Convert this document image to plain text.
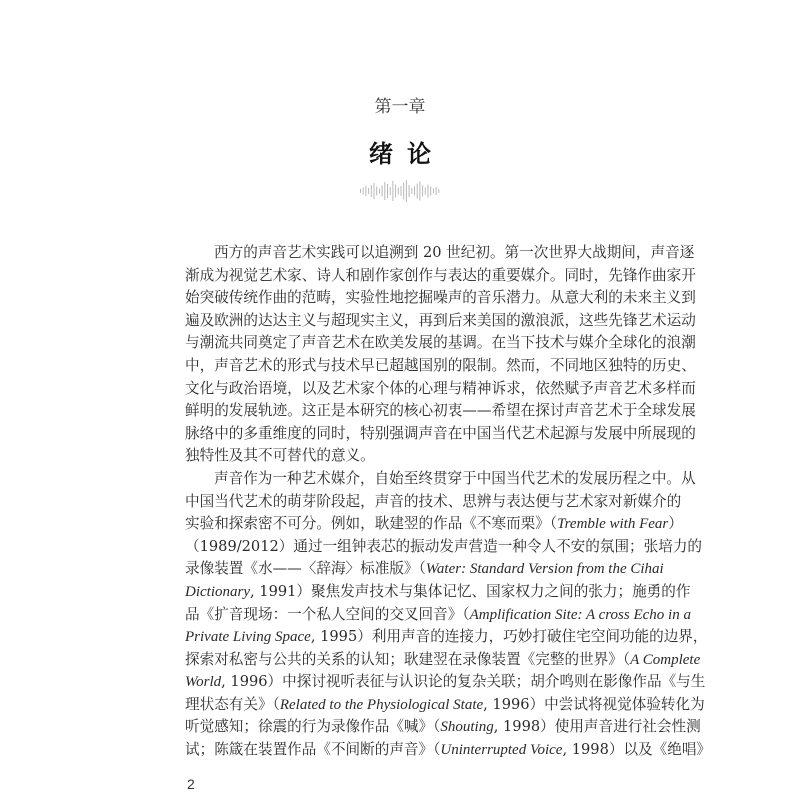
第一章
绪论
西方的声音艺术实践可以追溯到 20 世纪初。第一次世界大战期间，声音逐
渐成为视觉艺术家、诗人和剧作家创作与表达的重要媒介。同时，先锋作曲家开
始突破传统作曲的范畴，实验性地挖掘噪声的音乐潜力。从意大利的未来主义到
遍及欧洲的达达主义与超现实主义，再到后来美国的激浪派，这些先锋艺术运动
与潮流共同奠定了声音艺术在欧美发展的基调。在当下技术与媒介全球化的浪潮
中，声音艺术的形式与技术早已超越国别的限制。然而，不同地区独特的历史、
文化与政治语境，以及艺术家个体的心理与精神诉求，依然赋予声音艺术多样而
鲜明的发展轨迹。这正是本研究的核心初衷——希望在探讨声音艺术于全球发展
脉络中的多重维度的同时，特别强调声音在中国当代艺术起源与发展中所展现的
独特性及其不可替代的意义。
声音作为一种艺术媒介，自始至终贯穿于中国当代艺术的发展历程之中。从
中国当代艺术的萌芽阶段起，声音的技术、思辨与表达便与艺术家对新媒介的
实验和探索密不可分。例如，耿建翌的作品《不寒而栗》（Tremble with Fear）
（1989/2012）通过一组钟表芯的振动发声营造一种令人不安的氛围；张培力的
录像装置《水——〈辞海〉标准版》（Water: Standard Version from the Cihai
Dictionary, 1991）聚焦发声技术与集体记忆、国家权力之间的张力；施勇的作
品《扩音现场：一个私人空间的交叉回音》（Amplification Site: A cross Echo in a
Private Living Space, 1995）利用声音的连接力，巧妙打破住宅空间功能的边界，
探索对私密与公共的关系的认知；耿建翌在录像装置《完整的世界》（A Complete
World, 1996）中探讨视听表征与认识论的复杂关联；胡介鸣则在影像作品《与生
理状态有关》（Related to the Physiological State, 1996）中尝试将视觉体验转化为
听觉感知；徐震的行为录像作品《喊》（Shouting, 1998）使用声音进行社会性测
试；陈箴在装置作品《不间断的声音》（Uninterrupted Voice, 1998）以及《绝唱》
2
